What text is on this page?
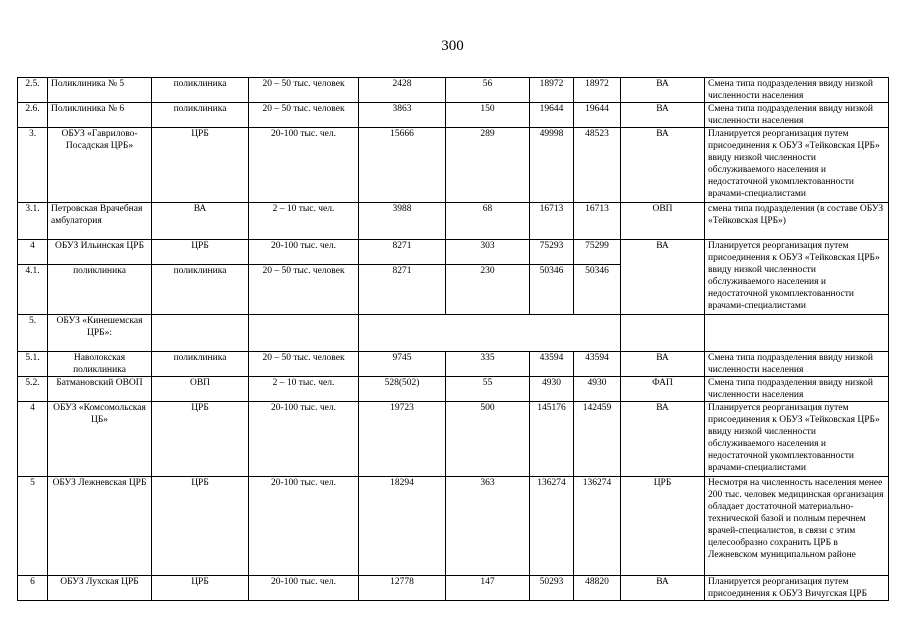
300
2.5.	Поликлиника № 5	поликлиника	20 – 50 тыс. человек	2428	56	18972	18972	ВА	Смена типа подразделения ввиду низкой численности населения
2.6.	Поликлиника № 6	поликлиника	20 – 50 тыс. человек	3863	150	19644	19644	ВА	Смена типа подразделения ввиду низкой численности населения
3.	ОБУЗ «Гаврилово-Посадская ЦРБ»	ЦРБ	20-100 тыс. чел.	15666	289	49998	48523	ВА	Планируется реорганизация путем присоединения к ОБУЗ «Тейковская ЦРБ» ввиду низкой численности обслуживаемого населения и недостаточной укомплектованности врачами-специалистами
3.1.	Петровская Врачебная амбулатория	ВА	2 – 10 тыс. чел.	3988	68	16713	16713	ОВП	смена типа подразделения (в составе ОБУЗ «Тейковская ЦРБ»)
4	ОБУЗ Ильинская ЦРБ	ЦРБ	20-100 тыс. чел.	8271	303	75293	75299	ВА	Планируется реорганизация путем присоединения к ОБУЗ «Тейковская ЦРБ» ввиду низкой численности обслуживаемого населения и недостаточной укомплектованности врачами-специалистами
4.1.	поликлиника	поликлиника	20 – 50 тыс. человек	8271	230	50346	50346		
5.	ОБУЗ «Кинешемская ЦРБ»:								
5.1.	Наволокская поликлиника	поликлиника	20 – 50 тыс. человек	9745	335	43594	43594	ВА	Смена типа подразделения ввиду низкой численности населения
5.2.	Батмановский ОВОП	ОВП	2 – 10 тыс. чел.	528(502)	55	4930	4930	ФАП	Смена типа подразделения ввиду низкой численности населения
4	ОБУЗ «Комсомольская ЦБ»	ЦРБ	20-100 тыс. чел.	19723	500	145176	142459	ВА	Планируется реорганизация путем присоединения к ОБУЗ «Тейковская ЦРБ» ввиду низкой численности обслуживаемого населения и недостаточной укомплектованности врачами-специалистами
5	ОБУЗ Лежневская ЦРБ	ЦРБ	20-100 тыс. чел.	18294	363	136274	136274	ЦРБ	Несмотря на численность населения менее 200 тыс. человек медицинская организация обладает достаточной материально-технической базой и полным перечнем врачей-специалистов, в связи с этим целесообразно сохранить ЦРБ в Лежневском муниципальном районе
6	ОБУЗ Лухская ЦРБ	ЦРБ	20-100 тыс. чел.	12778	147	50293	48820	ВА	Планируется реорганизация путем присоединения к ОБУЗ Вичугская ЦРБ
